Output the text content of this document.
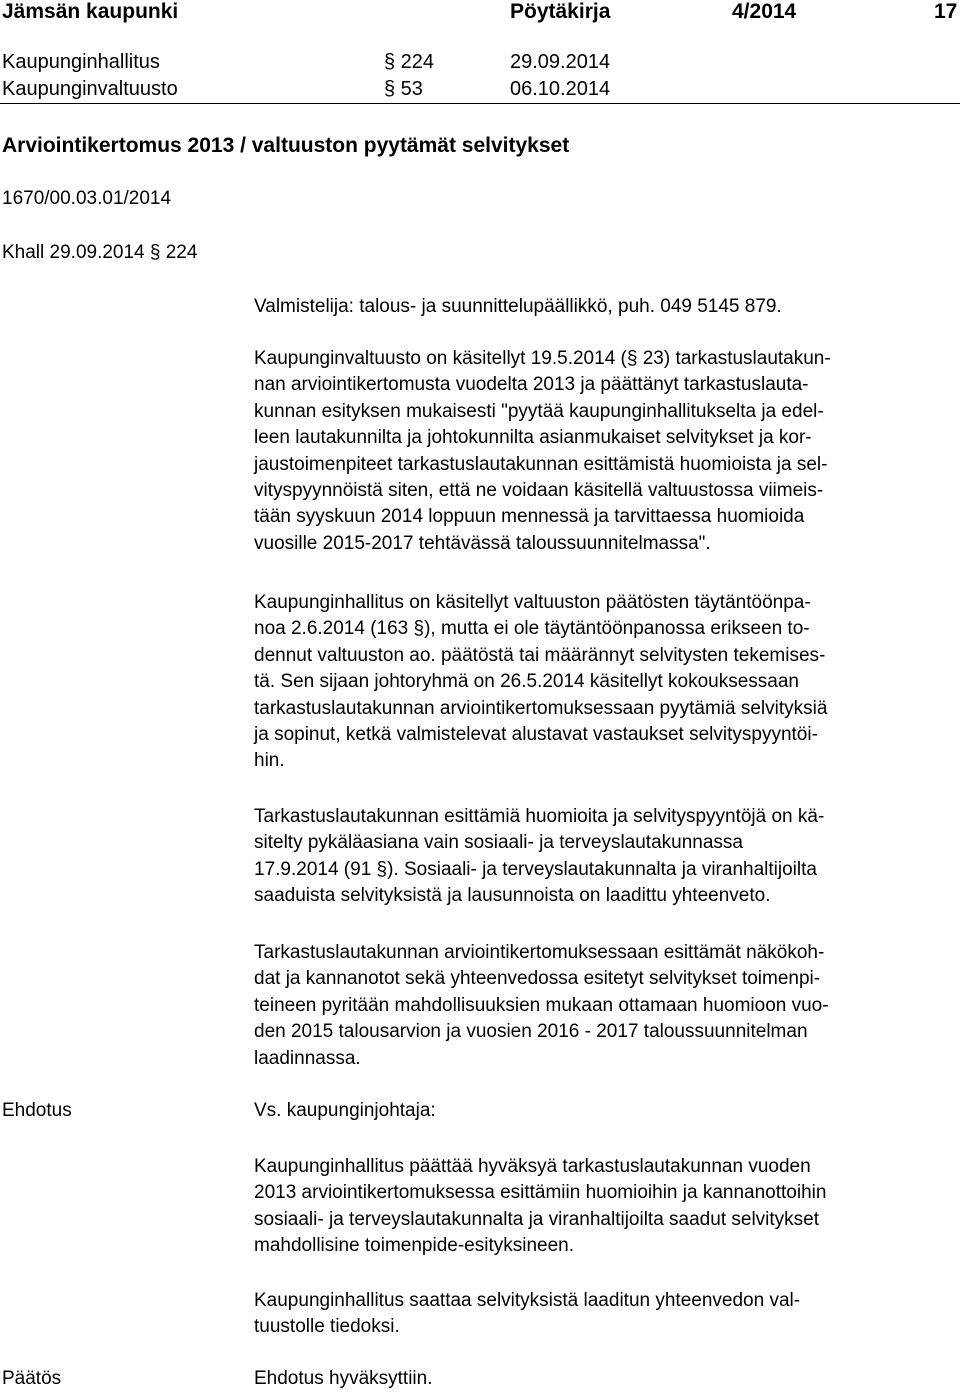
Jämsän kaupunki	Pöytäkirja	4/2014	17
Kaupunginhallitus	§ 224	29.09.2014
Kaupunginvaltuusto	§ 53	06.10.2014
Arviointikertomus 2013 / valtuuston pyytämät selvitykset
1670/00.03.01/2014
Khall 29.09.2014 § 224
Valmistelija: talous- ja suunnittelupäällikkö, puh. 049 5145 879.
Kaupunginvaltuusto on käsitellyt 19.5.2014 (§ 23) tarkastuslautakun-
nan arviointikertomusta vuodelta 2013 ja päättänyt tarkastuslauta-
kunnan esityksen mukaisesti "pyytää kaupunginhallitukselta ja edel-
leen lautakunnilta ja johtokunnilta asianmukaiset selvitykset ja kor-
jaustoimenpiteet tarkastuslautakunnan esittämistä huomioista ja sel-
vityspyynnöistä siten, että ne voidaan käsitellä valtuustossa viimeis-
tään syyskuun 2014 loppuun mennessä ja tarvittaessa huomioida
vuosille 2015-2017 tehtävässä taloussuunnitelmassa".
Kaupunginhallitus on käsitellyt valtuuston päätösten täytäntöönpa-
noa 2.6.2014 (163 §), mutta ei ole täytäntöönpanossa erikseen to-
dennut valtuuston ao. päätöstä tai määrännyt selvitysten tekemises-
tä. Sen sijaan johtoryhmä on 26.5.2014 käsitellyt kokouksessaan
tarkastuslautakunnan arviointikertomuksessaan pyytämiä selvityksiä
ja sopinut, ketkä valmistelevat alustavat vastaukset selvityspyyntöi-
hin.
Tarkastuslautakunnan esittämiä huomioita ja selvityspyyntöjä on kä-
sitelty pykäläasiana vain sosiaali- ja terveyslautakunnassa
17.9.2014 (91 §). Sosiaali- ja terveyslautakunnalta ja viranhaltijoilta
saaduista selvityksistä ja lausunnoista on laadittu yhteenveto.
Tarkastuslautakunnan arviointikertomuksessaan esittämät näkökoh-
dat ja kannanotot sekä yhteenvedossa esitetyt selvitykset toimenpi-
teineen pyritään mahdollisuuksien mukaan ottamaan huomioon vuo-
den 2015 talousarvion ja vuosien 2016 - 2017 taloussuunnitelman
laadinnassa.
Ehdotus	Vs. kaupunginjohtaja:
Kaupunginhallitus päättää hyväksyä tarkastuslautakunnan vuoden
2013 arviointikertomuksessa esittämiin huomioihin ja kannanottoihin
sosiaali- ja terveyslautakunnalta ja viranhaltijoilta saadut selvitykset
mahdollisine toimenpide-esityksineen.
Kaupunginhallitus saattaa selvityksistä laaditun yhteenvedon val-
tuustolle tiedoksi.
Päätös	Ehdotus hyväksyttiin.
